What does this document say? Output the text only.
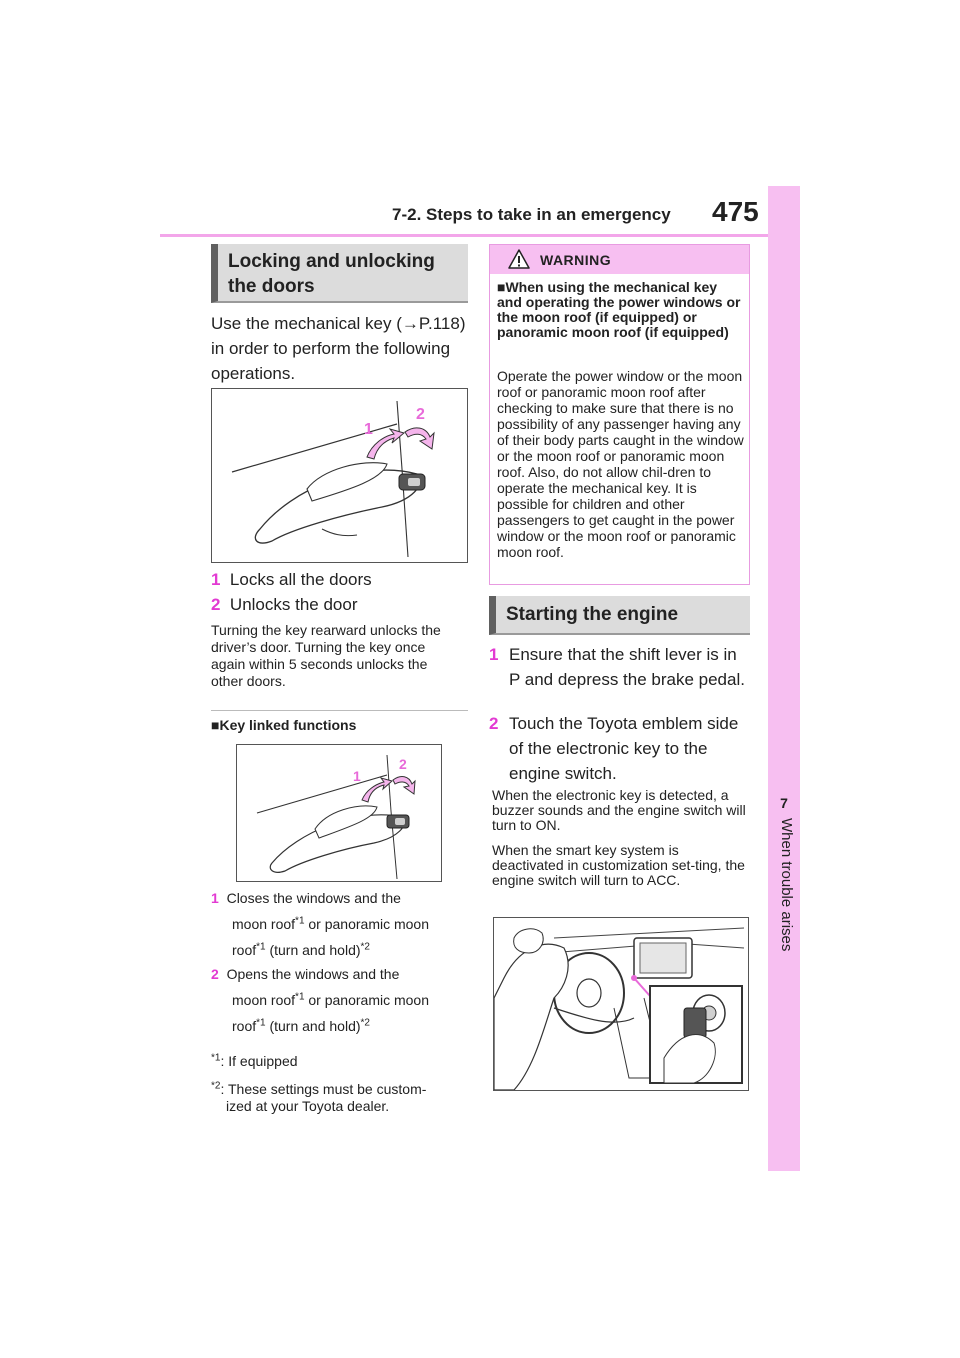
7-2. Steps to take in an emergency 475
7
When trouble arises
Locking and unlocking the doors
Use the mechanical key (→P.118) in order to perform the following operations.
1
2
1 Locks all the doors
2 Unlocks the door
Turning the key rearward unlocks the driver’s door. Turning the key once again within 5 seconds unlocks the other doors.
■Key linked functions
1
2
1 Closes the windows and the
moon roof$^{*1}$ or panoramic moon
roof$^{*1}$ (turn and hold)$^{*2}$
2 Opens the windows and the
moon roof$^{*1}$ or panoramic moon
roof$^{*1}$ (turn and hold)$^{*2}$
$^{*1}$: If equipped
$^{*2}$: These settings must be custom-
ized at your Toyota dealer.
WARNING
■When using the mechanical key and operating the power windows or the moon roof (if equipped) or panoramic moon roof (if equipped)
Operate the power window or the moon roof or panoramic moon roof after checking to make sure that there is no possibility of any passenger having any of their body parts caught in the window or the moon roof or panoramic moon roof. Also, do not allow chil-dren to operate the mechanical key. It is possible for children and other passengers to get caught in the power window or the moon roof or panoramic moon roof.
Starting the engine
1 Ensure that the shift lever is in P and depress the brake pedal.
2 Touch the Toyota emblem side of the electronic key to the engine switch.
When the electronic key is detected, a buzzer sounds and the engine switch will turn to ON.
When the smart key system is deactivated in customization set-ting, the engine switch will turn to ACC.
